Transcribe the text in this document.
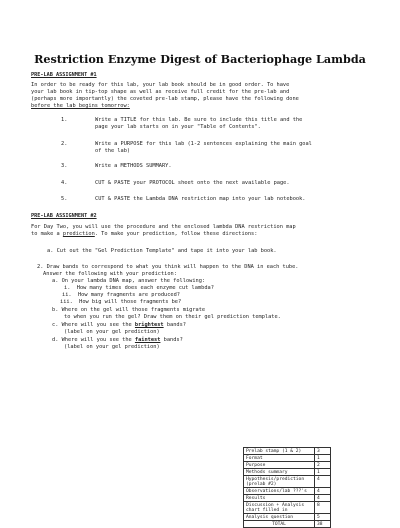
Restriction Enzyme Digest of Bacteriophage Lambda
PRE-LAB ASSIGNMENT #1
In order to be ready for this lab, your lab book should be in good order. To have
your lab book in tip-top shape as well as receive full credit for the pre-lab and
(perhaps more importantly) the coveted pre-lab stamp, please have the following done
before the lab begins tomorrow:
1.	Write a TITLE for this lab. Be sure to include this title and the
page your lab starts on in your "Table of Contents".
2.	Write a PURPOSE for this lab (1-2 sentences explaining the main goal
of the lab)
3.	Write a METHODS SUMMARY.
4.	CUT & PASTE your PROTOCOL sheet onto the next available page.
5.	CUT & PASTE the Lambda DNA restriction map into your lab notebook.
PRE-LAB ASSIGNMENT #2
For Day Two, you will use the procedure and the enclosed lambda DNA restriction map
to make a prediction. To make your prediction, follow these directions:
a. Cut out the "Gel Prediction Template" and tape it into your lab book.
2. Draw bands to correspond to what you think will happen to the DNA in each tube.
Answer the following with your prediction:
a. On your lambda DNA map, answer the following:
i.  How many times does each enzyme cut lambda?
ii.  How many fragments are produced?
iii.  How big will those fragments be?
b. Where on the gel will those fragments migrate
to when you run the gel? Draw them on their gel prediction template.
c. Where will you see the brightest bands?
(label on your gel prediction)
d. Where will you see the faintest bands?
(label on your gel prediction)
Prelab stamp (1 & 2)	3
Format	1
Purpose	2
Methods summary	1
Hypothesis/prediction (prelab #2)	4
Observations/lab ???'s	4
Results	4
Discussion + Analysis chart filled in	8
Analysis question	5
TOTAL	38
